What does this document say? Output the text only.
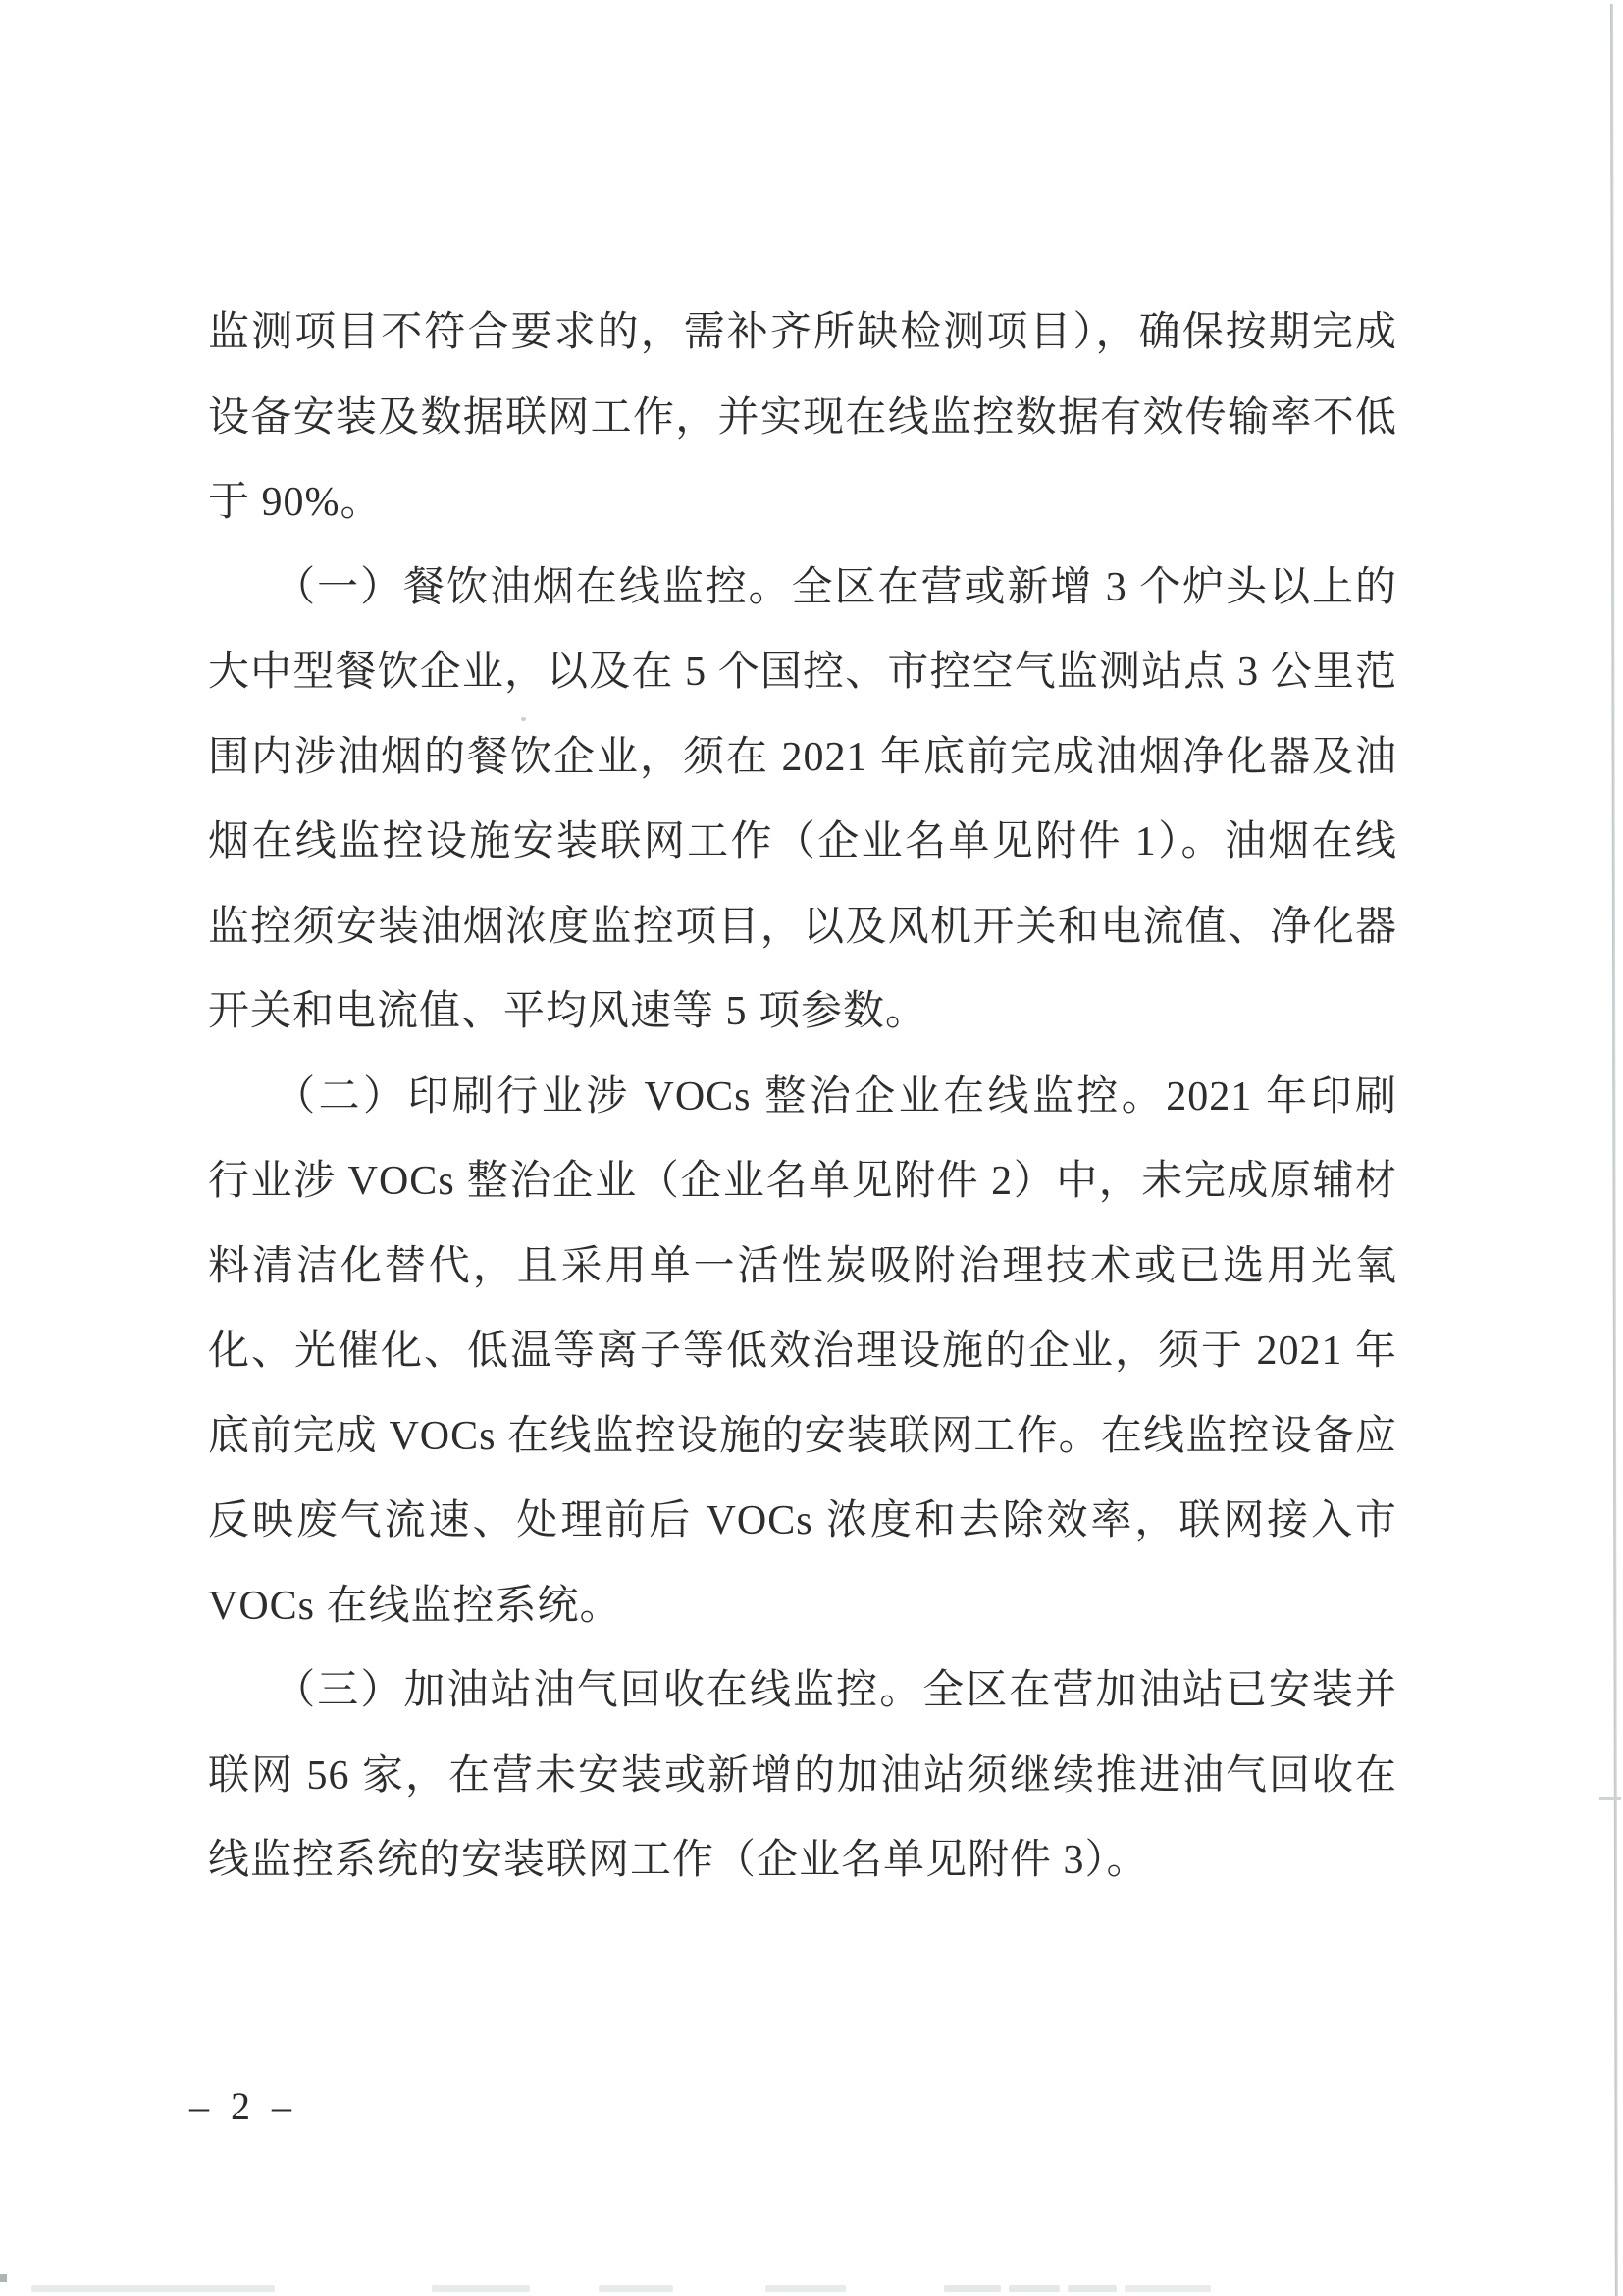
监测项目不符合要求的，需补齐所缺检测项目），确保按期完成
设备安装及数据联网工作，并实现在线监控数据有效传输率不低
于 90%。
（一）餐饮油烟在线监控。全区在营或新增 3 个炉头以上的
大中型餐饮企业，以及在 5 个国控、市控空气监测站点 3 公里范
围内涉油烟的餐饮企业，须在 2021 年底前完成油烟净化器及油
烟在线监控设施安装联网工作（企业名单见附件 1）。油烟在线
监控须安装油烟浓度监控项目，以及风机开关和电流值、净化器
开关和电流值、平均风速等 5 项参数。
（二）印刷行业涉 VOCs 整治企业在线监控。2021 年印刷
行业涉 VOCs 整治企业（企业名单见附件 2）中，未完成原辅材
料清洁化替代，且采用单一活性炭吸附治理技术或已选用光氧
化、光催化、低温等离子等低效治理设施的企业，须于 2021 年
底前完成 VOCs 在线监控设施的安装联网工作。在线监控设备应
反映废气流速、处理前后 VOCs 浓度和去除效率，联网接入市
VOCs 在线监控系统。
（三）加油站油气回收在线监控。全区在营加油站已安装并
联网 56 家，在营未安装或新增的加油站须继续推进油气回收在
线监控系统的安装联网工作（企业名单见附件 3）。
– 2 –
